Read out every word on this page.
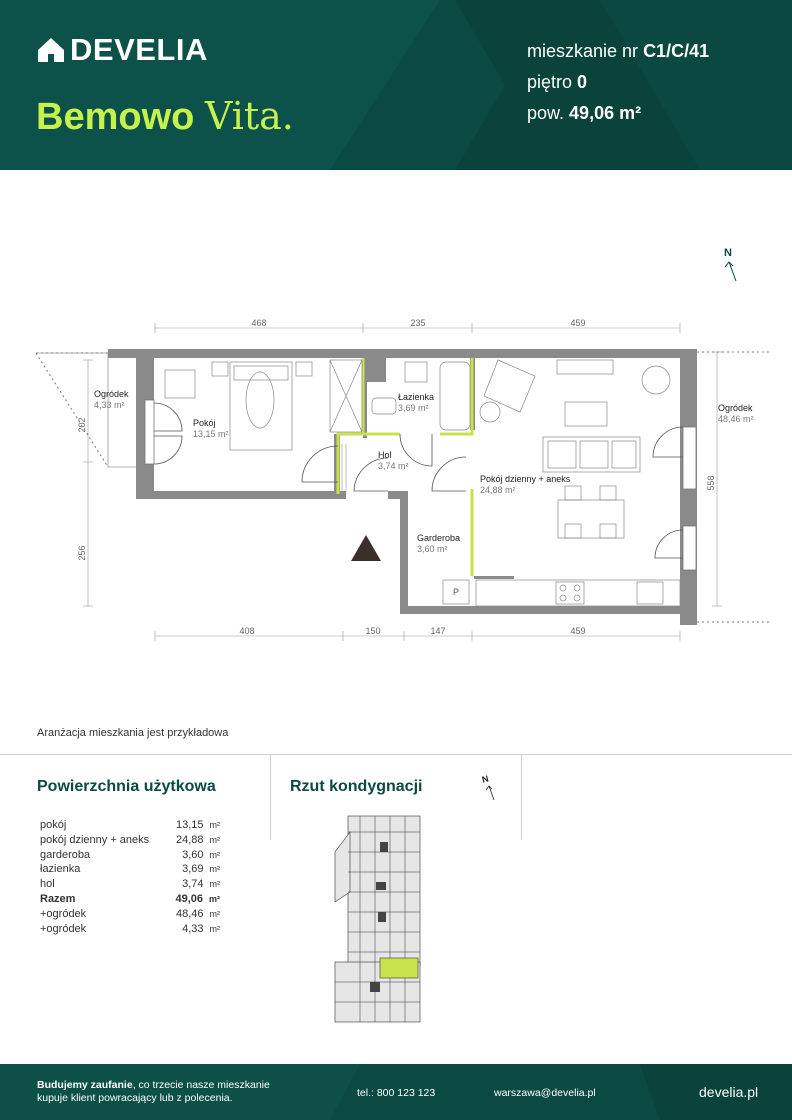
DEVELIA
Bemowo Vita.
mieszkanie nr C1/C/41
piętro 0
pow. 49,06 m²
N
468	235	459
408	150	147	459
202
256
558
P
Ogródek
4,33 m²
Pokój
13,15 m²
Łazienka
3,69 m²
Hol
3,74 m²
Pokój dzienny + aneks
24,88 m²
Garderoba
3,60 m²
Ogródek
48,46 m²
Aranżacja mieszkania jest przykładowa
Powierzchnia użytkowa
pokój	13,15 m²
pokój dzienny + aneks	24,88 m²
garderoba	3,60 m²
łazienka	3,69 m²
hol	3,74 m²
Razem	49,06 m²
+ogródek	48,46 m²
+ogródek	4,33 m²
Rzut kondygnacji	N
Budujemy zaufanie, co trzecie nasze mieszkanie
kupuje klient powracający lub z polecenia.	tel.: 800 123 123	warszawa@develia.pl	develia.pl
